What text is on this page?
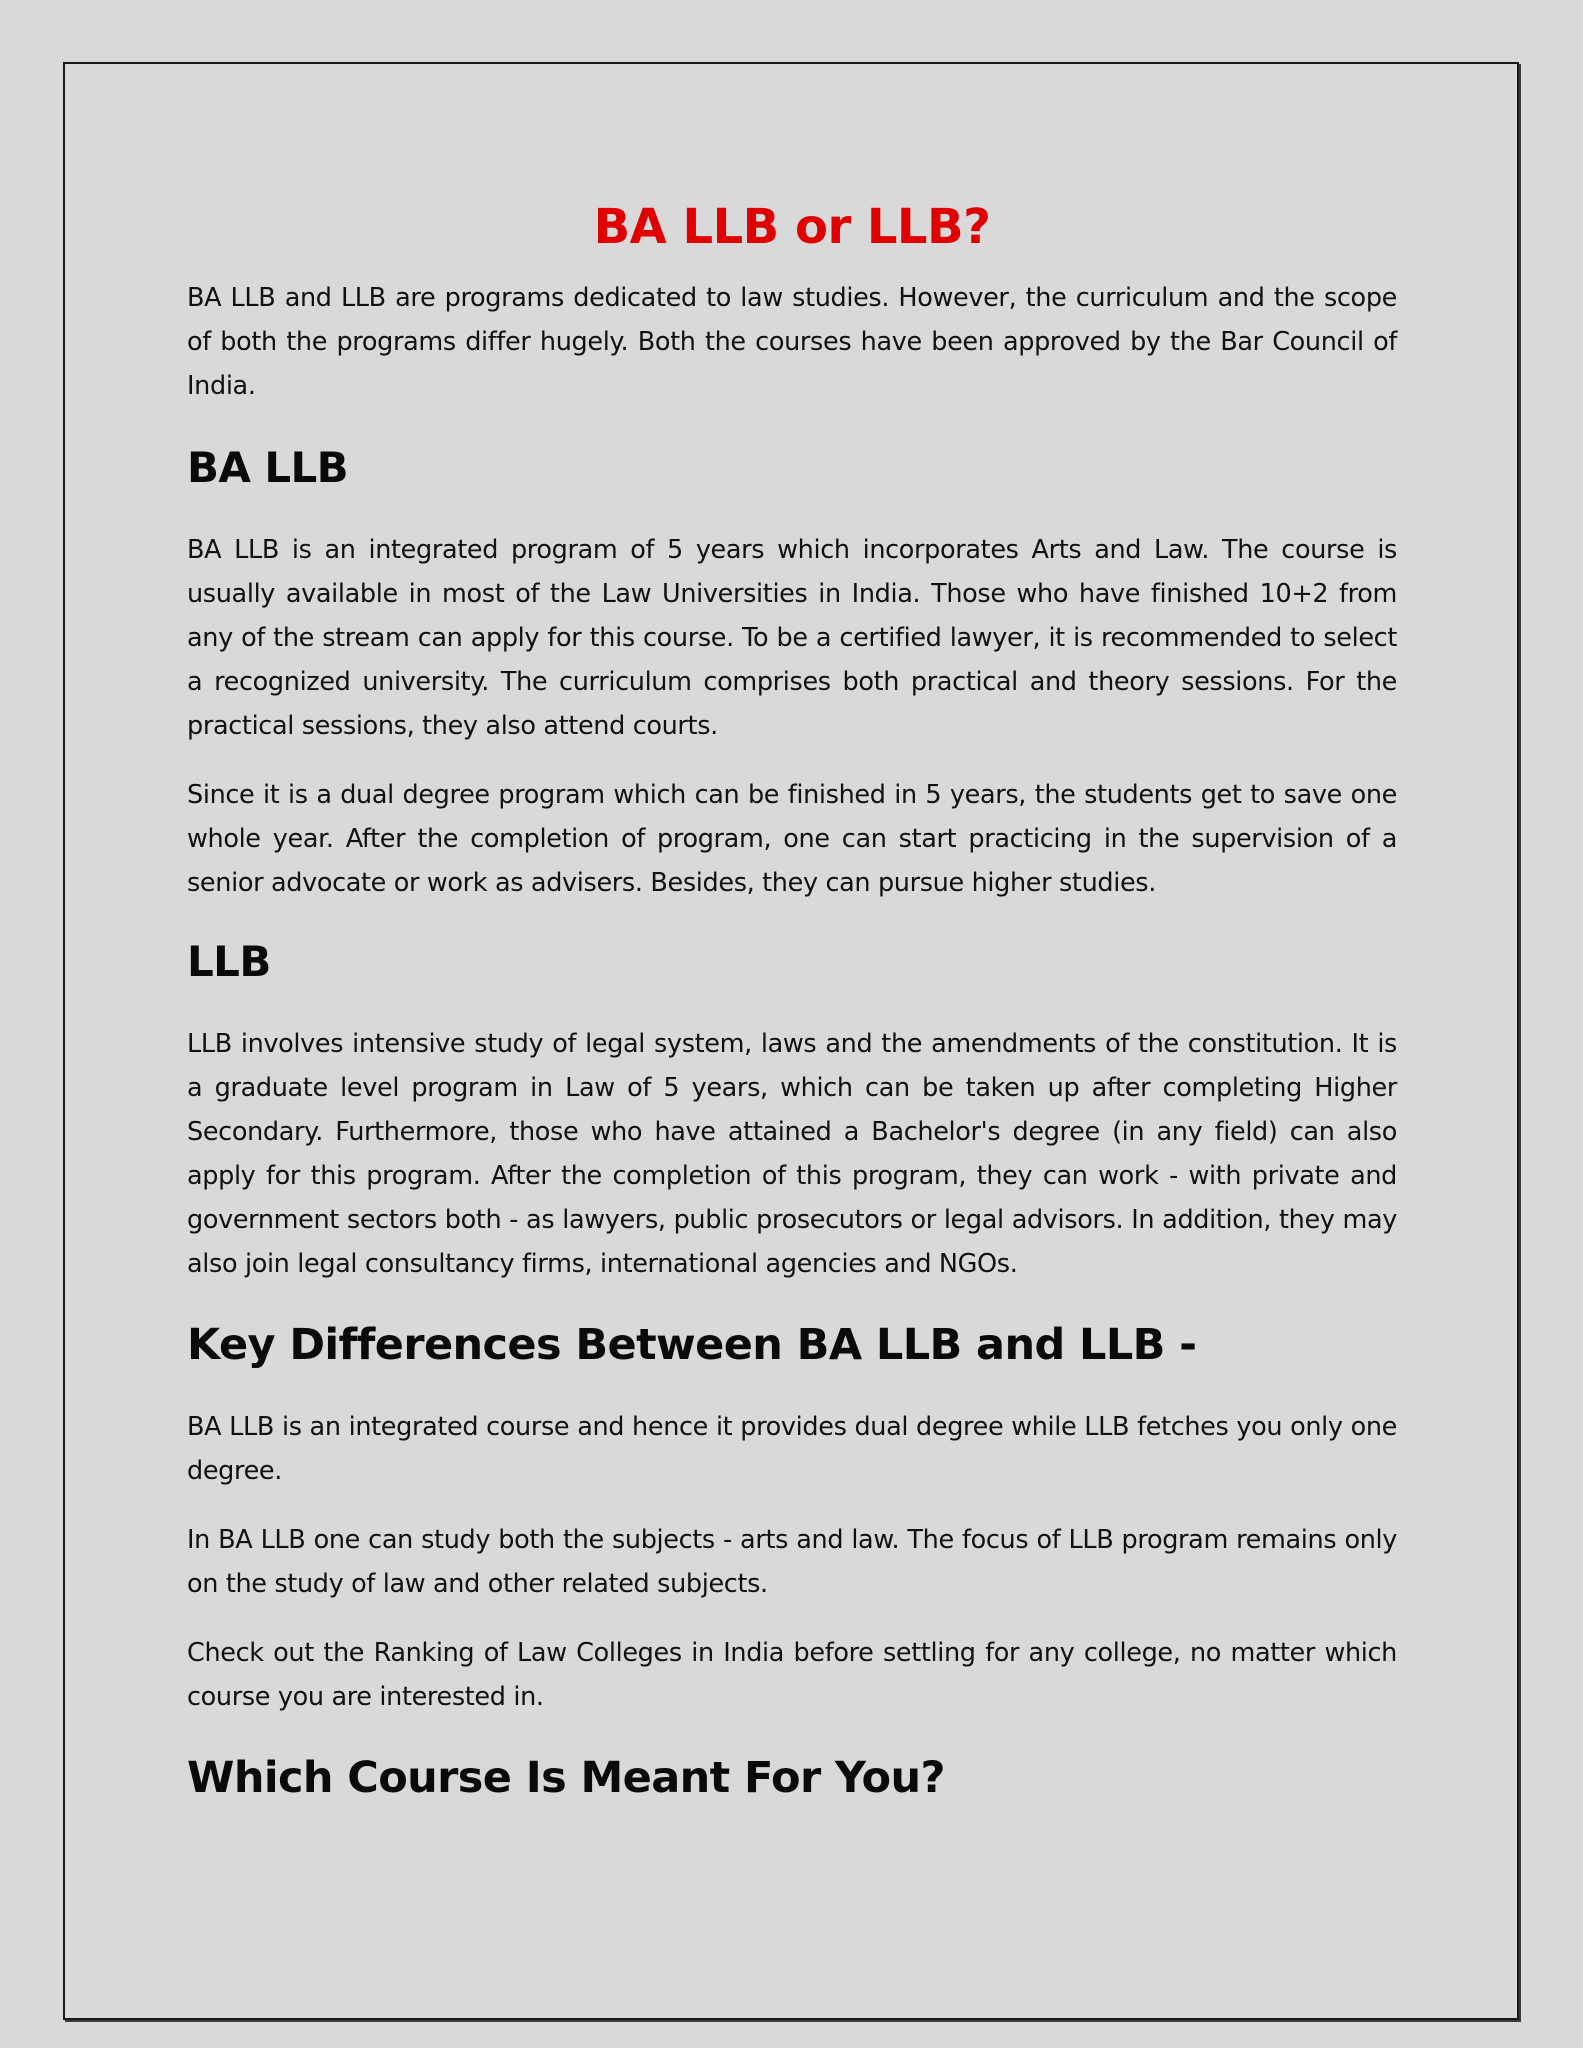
BA LLB or LLB?

BA LLB and LLB are programs dedicated to law studies. However, the curriculum and the scope of both the programs differ hugely. Both the courses have been approved by the Bar Council of India.

BA LLB

BA LLB is an integrated program of 5 years which incorporates Arts and Law. The course is usually available in most of the Law Universities in India. Those who have finished 10+2 from any of the stream can apply for this course. To be a certified lawyer, it is recommended to select a recognized university. The curriculum comprises both practical and theory sessions. For the practical sessions, they also attend courts.

Since it is a dual degree program which can be finished in 5 years, the students get to save one whole year. After the completion of program, one can start practicing in the supervision of a senior advocate or work as advisers. Besides, they can pursue higher studies.

LLB

LLB involves intensive study of legal system, laws and the amendments of the constitution. It is a graduate level program in Law of 5 years, which can be taken up after completing Higher Secondary. Furthermore, those who have attained a Bachelor's degree (in any field) can also apply for this program. After the completion of this program, they can work - with private and government sectors both - as lawyers, public prosecutors or legal advisors. In addition, they may also join legal consultancy firms, international agencies and NGOs.

Key Differences Between BA LLB and LLB -

BA LLB is an integrated course and hence it provides dual degree while LLB fetches you only one degree.

In BA LLB one can study both the subjects - arts and law. The focus of LLB program remains only on the study of law and other related subjects.

Check out the Ranking of Law Colleges in India before settling for any college, no matter which course you are interested in.

Which Course Is Meant For You?
